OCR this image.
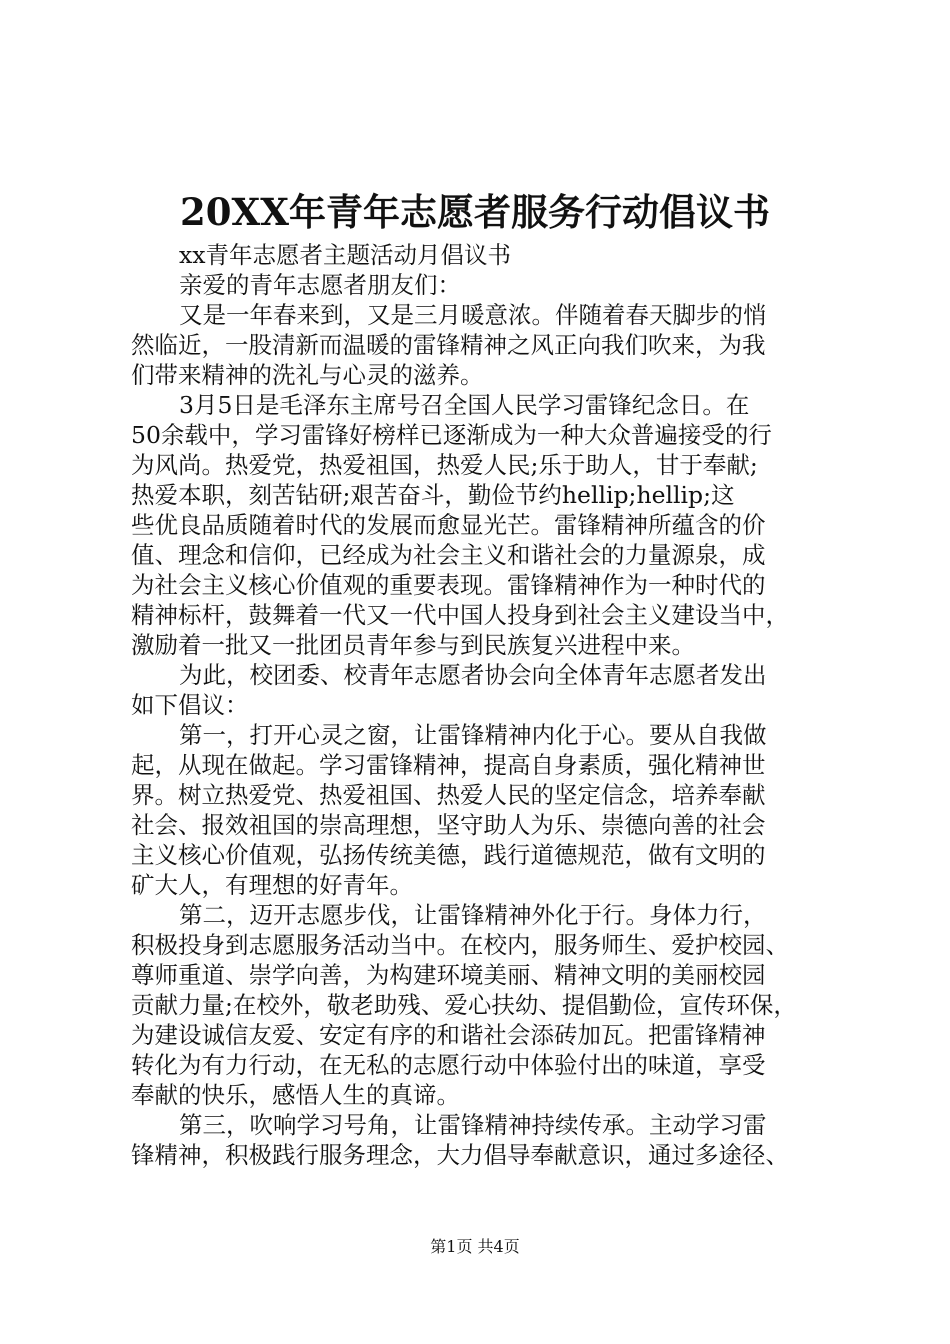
20XX年青年志愿者服务行动倡议书
xx青年志愿者主题活动月倡议书
亲爱的青年志愿者朋友们：
又是一年春来到，又是三月暖意浓。伴随着春天脚步的悄
然临近，一股清新而温暖的雷锋精神之风正向我们吹来，为我
们带来精神的洗礼与心灵的滋养。
3月5日是毛泽东主席号召全国人民学习雷锋纪念日。在
50余载中，学习雷锋好榜样已逐渐成为一种大众普遍接受的行
为风尚。热爱党，热爱祖国，热爱人民;乐于助人，甘于奉献;
热爱本职，刻苦钻研;艰苦奋斗，勤俭节约hellip;hellip;这
些优良品质随着时代的发展而愈显光芒。雷锋精神所蕴含的价
值、理念和信仰，已经成为社会主义和谐社会的力量源泉，成
为社会主义核心价值观的重要表现。雷锋精神作为一种时代的
精神标杆，鼓舞着一代又一代中国人投身到社会主义建设当中，
激励着一批又一批团员青年参与到民族复兴进程中来。
为此，校团委、校青年志愿者协会向全体青年志愿者发出
如下倡议：
第一，打开心灵之窗，让雷锋精神内化于心。要从自我做
起，从现在做起。学习雷锋精神，提高自身素质，强化精神世
界。树立热爱党、热爱祖国、热爱人民的坚定信念，培养奉献
社会、报效祖国的崇高理想，坚守助人为乐、崇德向善的社会
主义核心价值观，弘扬传统美德，践行道德规范，做有文明的
矿大人，有理想的好青年。
第二，迈开志愿步伐，让雷锋精神外化于行。身体力行，
积极投身到志愿服务活动当中。在校内，服务师生、爱护校园、
尊师重道、崇学向善，为构建环境美丽、精神文明的美丽校园
贡献力量;在校外，敬老助残、爱心扶幼、提倡勤俭，宣传环保，
为建设诚信友爱、安定有序的和谐社会添砖加瓦。把雷锋精神
转化为有力行动，在无私的志愿行动中体验付出的味道，享受
奉献的快乐，感悟人生的真谛。
第三，吹响学习号角，让雷锋精神持续传承。主动学习雷
锋精神，积极践行服务理念，大力倡导奉献意识，通过多途径、
第1页 共4页
